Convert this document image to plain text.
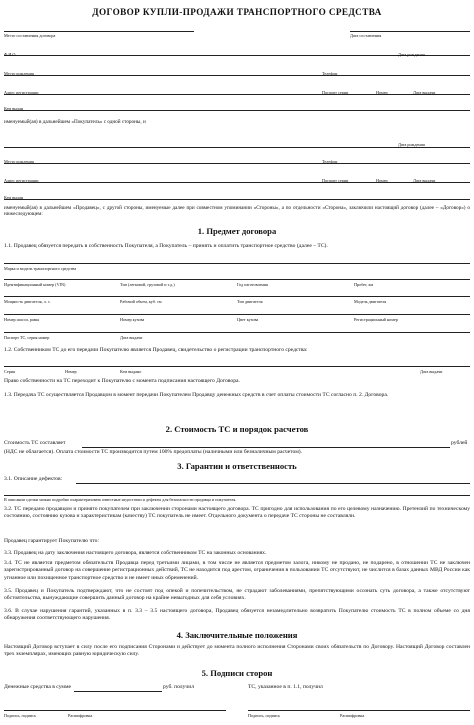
ДОГОВОР КУПЛИ-ПРОДАЖИ ТРАНСПОРТНОГО СРЕДСТВА
Место составления договора	Дата составления
Ф.И.О.	Дата рождения
Место рождения	Телефон
Адрес регистрации	Паспорт серии	Номер	Дата выдачи
Кем выдан
именуемый(ая) в дальнейшем «Покупатель» с одной стороны, и
Дата рождения
Место рождения	Телефон
Адрес регистрации	Паспорт серии	Номер	Дата выдачи
Кем выдан
именуемый(ая) в дальнейшем «Продавец», с другой стороны, именуемые далее при совместном упоминании «Стороны», а по отдельности «Сторона», заключили настоящий договор (далее – «Договор») о нижеследующем:
1. Предмет договора
1.1. Продавец обязуется передать в собственность Покупателя, а Покупатель – принять и оплатить транспортное средство (далее – ТС).
Марка и модель транспортного средства
Идентификационный номер (VIN)	Тип (легковой, грузовой и т.д.)	Год изготовления	Пробег, км
Мощность двигателя, л. с.	Рабочий объем, куб. см	Тип двигателя	Модель двигателя
Номер шасси, рамы	Номер кузова	Цвет кузова	Регистрационный номер
Паспорт ТС, серия номер	Дата выдачи
1.2. Собственником ТС до его передачи Покупателю является Продавец, свидетельство о регистрации транспортного средства:
Серия	Номер	Кем выдано	Дата выдачи
Право собственности на ТС переходит к Покупателю с момента подписания настоящего Договора.
1.3. Передача ТС осуществляется Продавцом в момент передачи Покупателем Продавцу денежных средств в счет оплаты стоимости ТС согласно п. 2. Договора.
2. Стоимость ТС и порядок расчетов
Стоимость ТС составляет	рублей
(НДС не облагается). Оплата стоимости ТС производится путем 100% предоплаты (наличными или безналичным расчетом).
3. Гарантии и ответственность
3.1. Описание дефектов:
В описании сделки можно подробно охарактеризовать известные недостатки и дефекты для безопасности продавца и покупателя.
3.2. ТС передано продавцом и принято покупателем при заключении сторонами настоящего договора. ТС пригодно для использования по его целевому назначению. Претензий по техническому состоянию, состоянию кузова и характеристикам (качеству) ТС покупатель не имеет. Отдельного документа о передаче ТС стороны не составляли.
Продавец гарантирует Покупателю что:
3.3. Продавец на дату заключения настоящего договора, является собственником ТС на законных основаниях.
3.4. ТС не является предметом обязательств Продавца перед третьими лицами, в том числе не является предметом залога, никому не продано, не подарено, в отношении ТС не заключен зарегистрированный договор на совершение регистрационных действий, ТС не находится под арестом, ограничения в пользовании ТС отсутствуют, не числится в базах данных МВД России как угнанное или похищенное транспортное средство и не имеет иных обременений.
3.5. Продавец и Покупатель подтверждают, что не состоят под опекой и попечительством, не страдают заболеваниями, препятствующими осознать суть договора, а также отсутствуют обстоятельства, вынуждающие совершить данный договор на крайне невыгодных для себя условиях.
3.6. В случае нарушения гарантий, указанных в п. 3.3 – 3.5 настоящего договора, Продавец обязуется незамедлительно возвратить Покупателю стоимость ТС в полном объеме со дня обнаружения соответствующего нарушения.
4. Заключительные положения
Настоящий Договор вступает в силу после его подписания Сторонами и действует до момента полного исполнения Сторонами своих обязательств по Договору. Настоящий Договор составлен трех экземплярах, имеющих равную юридическую силу.
5. Подписи сторон
Денежные средства в сумме	руб. получил	ТС, указанное в п. 1.1, получил
Подпись, подпись	Расшифровка	Подпись, подпись	Расшифровка
